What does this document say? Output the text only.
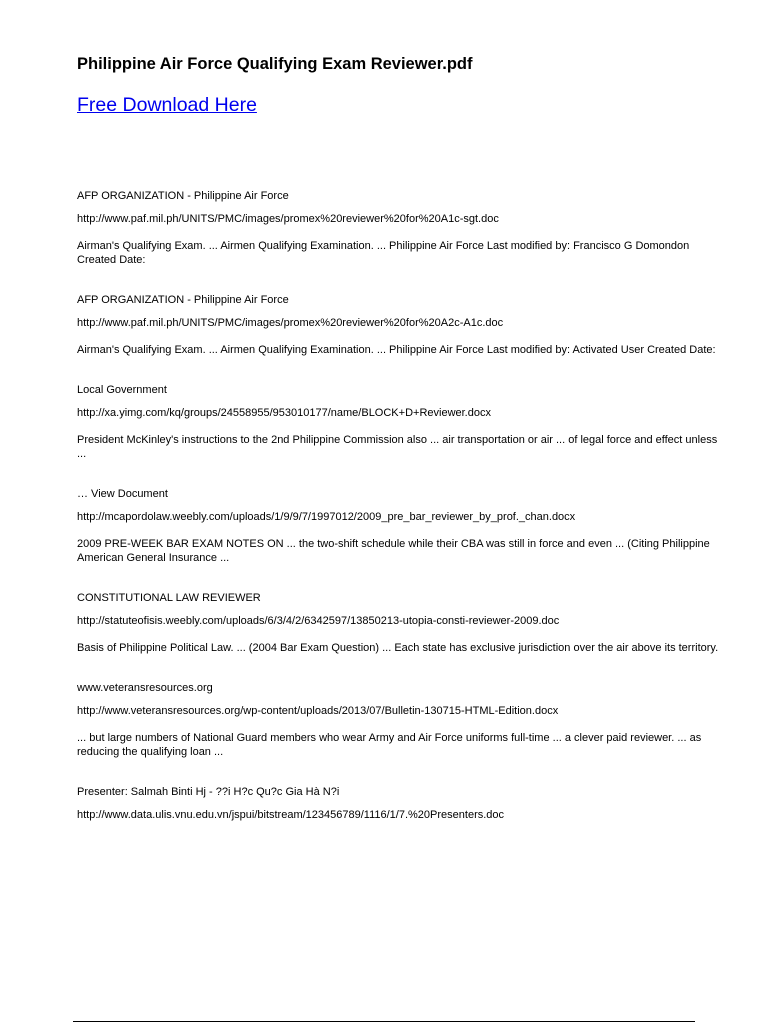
Philippine Air Force Qualifying Exam Reviewer.pdf
Free Download Here

AFP ORGANIZATION - Philippine Air Force

http://www.paf.mil.ph/UNITS/PMC/images/promex%20reviewer%20for%20A1c-sgt.doc

Airman's Qualifying Exam. ... Airmen Qualifying Examination. ... Philippine Air Force Last modified by: Francisco G Domondon Created Date:

AFP ORGANIZATION - Philippine Air Force

http://www.paf.mil.ph/UNITS/PMC/images/promex%20reviewer%20for%20A2c-A1c.doc

Airman's Qualifying Exam. ... Airmen Qualifying Examination. ... Philippine Air Force Last modified by: Activated User Created Date:

Local Government

http://xa.yimg.com/kq/groups/24558955/953010177/name/BLOCK+D+Reviewer.docx

President McKinley's instructions to the 2nd Philippine Commission also ... air transportation or air ... of legal force and effect unless ...

… View Document

http://mcapordolaw.weebly.com/uploads/1/9/9/7/1997012/2009_pre_bar_reviewer_by_prof._chan.docx

2009 PRE-WEEK BAR EXAM NOTES ON ... the two-shift schedule while their CBA was still in force and even ... (Citing Philippine American General Insurance ...

CONSTITUTIONAL LAW REVIEWER

http://statuteofisis.weebly.com/uploads/6/3/4/2/6342597/13850213-utopia-consti-reviewer-2009.doc

Basis of Philippine Political Law. ... (2004 Bar Exam Question) ... Each state has exclusive jurisdiction over the air above its territory.

www.veteransresources.org

http://www.veteransresources.org/wp-content/uploads/2013/07/Bulletin-130715-HTML-Edition.docx

... but large numbers of National Guard members who wear Army and Air Force uniforms full-time ... a clever paid reviewer. ... as reducing the qualifying loan ...

Presenter: Salmah Binti Hj - ??i H?c Qu?c Gia Hà N?i

http://www.data.ulis.vnu.edu.vn/jspui/bitstream/123456789/1116/1/7.%20Presenters.doc
